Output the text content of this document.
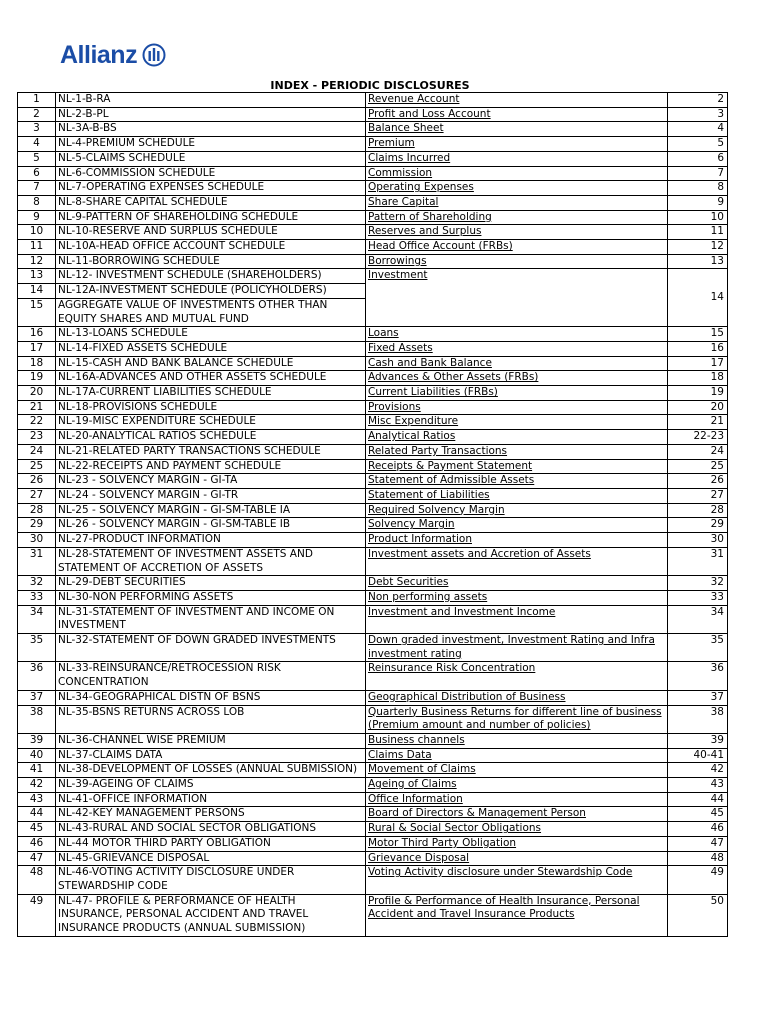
Allianz
INDEX - PERIODIC DISCLOSURES
1	NL-1-B-RA	Revenue Account	2
2	NL-2-B-PL	Profit and Loss Account	3
3	NL-3A-B-BS	Balance Sheet	4
4	NL-4-PREMIUM SCHEDULE	Premium	5
5	NL-5-CLAIMS SCHEDULE	Claims Incurred	6
6	NL-6-COMMISSION SCHEDULE	Commission	7
7	NL-7-OPERATING EXPENSES SCHEDULE	Operating Expenses	8
8	NL-8-SHARE CAPITAL SCHEDULE	Share Capital	9
9	NL-9-PATTERN OF SHAREHOLDING SCHEDULE	Pattern of Shareholding	10
10	NL-10-RESERVE AND SURPLUS SCHEDULE	Reserves and Surplus	11
11	NL-10A-HEAD OFFICE ACCOUNT SCHEDULE	Head Office Account (FRBs)	12
12	NL-11-BORROWING SCHEDULE	Borrowings	13
13	NL-12- INVESTMENT SCHEDULE (SHAREHOLDERS)	Investment	14
14	NL-12A-INVESTMENT SCHEDULE (POLICYHOLDERS)		
15	AGGREGATE VALUE OF INVESTMENTS OTHER THAN EQUITY SHARES AND MUTUAL FUND		
16	NL-13-LOANS SCHEDULE	Loans	15
17	NL-14-FIXED ASSETS SCHEDULE	Fixed Assets	16
18	NL-15-CASH AND BANK BALANCE SCHEDULE	Cash and Bank Balance	17
19	NL-16A-ADVANCES AND OTHER ASSETS SCHEDULE	Advances & Other Assets (FRBs)	18
20	NL-17A-CURRENT LIABILITIES SCHEDULE	Current Liabilities (FRBs)	19
21	NL-18-PROVISIONS SCHEDULE	Provisions	20
22	NL-19-MISC EXPENDITURE SCHEDULE	Misc Expenditure	21
23	NL-20-ANALYTICAL RATIOS SCHEDULE	Analytical Ratios	22-23
24	NL-21-RELATED PARTY TRANSACTIONS SCHEDULE	Related Party Transactions	24
25	NL-22-RECEIPTS AND PAYMENT SCHEDULE	Receipts & Payment Statement	25
26	NL-23 - SOLVENCY MARGIN - GI-TA	Statement of Admissible Assets	26
27	NL-24 - SOLVENCY MARGIN - GI-TR	Statement of Liabilities	27
28	NL-25 - SOLVENCY MARGIN - GI-SM-TABLE IA	Required Solvency Margin	28
29	NL-26 - SOLVENCY MARGIN - GI-SM-TABLE IB	Solvency Margin	29
30	NL-27-PRODUCT INFORMATION	Product Information	30
31	NL-28-STATEMENT OF INVESTMENT ASSETS AND STATEMENT OF ACCRETION OF ASSETS	Investment assets and Accretion of Assets	31
32	NL-29-DEBT SECURITIES	Debt Securities	32
33	NL-30-NON PERFORMING ASSETS	Non performing assets	33
34	NL-31-STATEMENT OF INVESTMENT AND INCOME ON INVESTMENT	Investment and Investment Income	34
35	NL-32-STATEMENT OF DOWN GRADED INVESTMENTS	Down graded investment, Investment Rating and Infra investment rating	35
36	NL-33-REINSURANCE/RETROCESSION RISK CONCENTRATION	Reinsurance Risk Concentration	36
37	NL-34-GEOGRAPHICAL DISTN OF BSNS	Geographical Distribution of Business	37
38	NL-35-BSNS RETURNS ACROSS LOB	Quarterly Business Returns for different line of business (Premium amount and number of policies)	38
39	NL-36-CHANNEL WISE PREMIUM	Business channels	39
40	NL-37-CLAIMS DATA	Claims Data	40-41
41	NL-38-DEVELOPMENT OF LOSSES (ANNUAL SUBMISSION)	Movement of Claims	42
42	NL-39-AGEING OF CLAIMS	Ageing of Claims	43
43	NL-41-OFFICE INFORMATION	Office Information	44
44	NL-42-KEY MANAGEMENT PERSONS	Board of Directors & Management Person	45
45	NL-43-RURAL AND SOCIAL SECTOR OBLIGATIONS	Rural & Social Sector Obligations	46
46	NL-44 MOTOR THIRD PARTY OBLIGATION	Motor Third Party Obligation	47
47	NL-45-GRIEVANCE DISPOSAL	Grievance Disposal	48
48	NL-46-VOTING ACTIVITY DISCLOSURE UNDER STEWARDSHIP CODE	Voting Activity disclosure under Stewardship Code	49
49	NL-47- PROFILE & PERFORMANCE OF HEALTH INSURANCE, PERSONAL ACCIDENT AND TRAVEL INSURANCE PRODUCTS (ANNUAL SUBMISSION)	Profile & Performance of Health Insurance, Personal Accident and Travel Insurance Products	50
